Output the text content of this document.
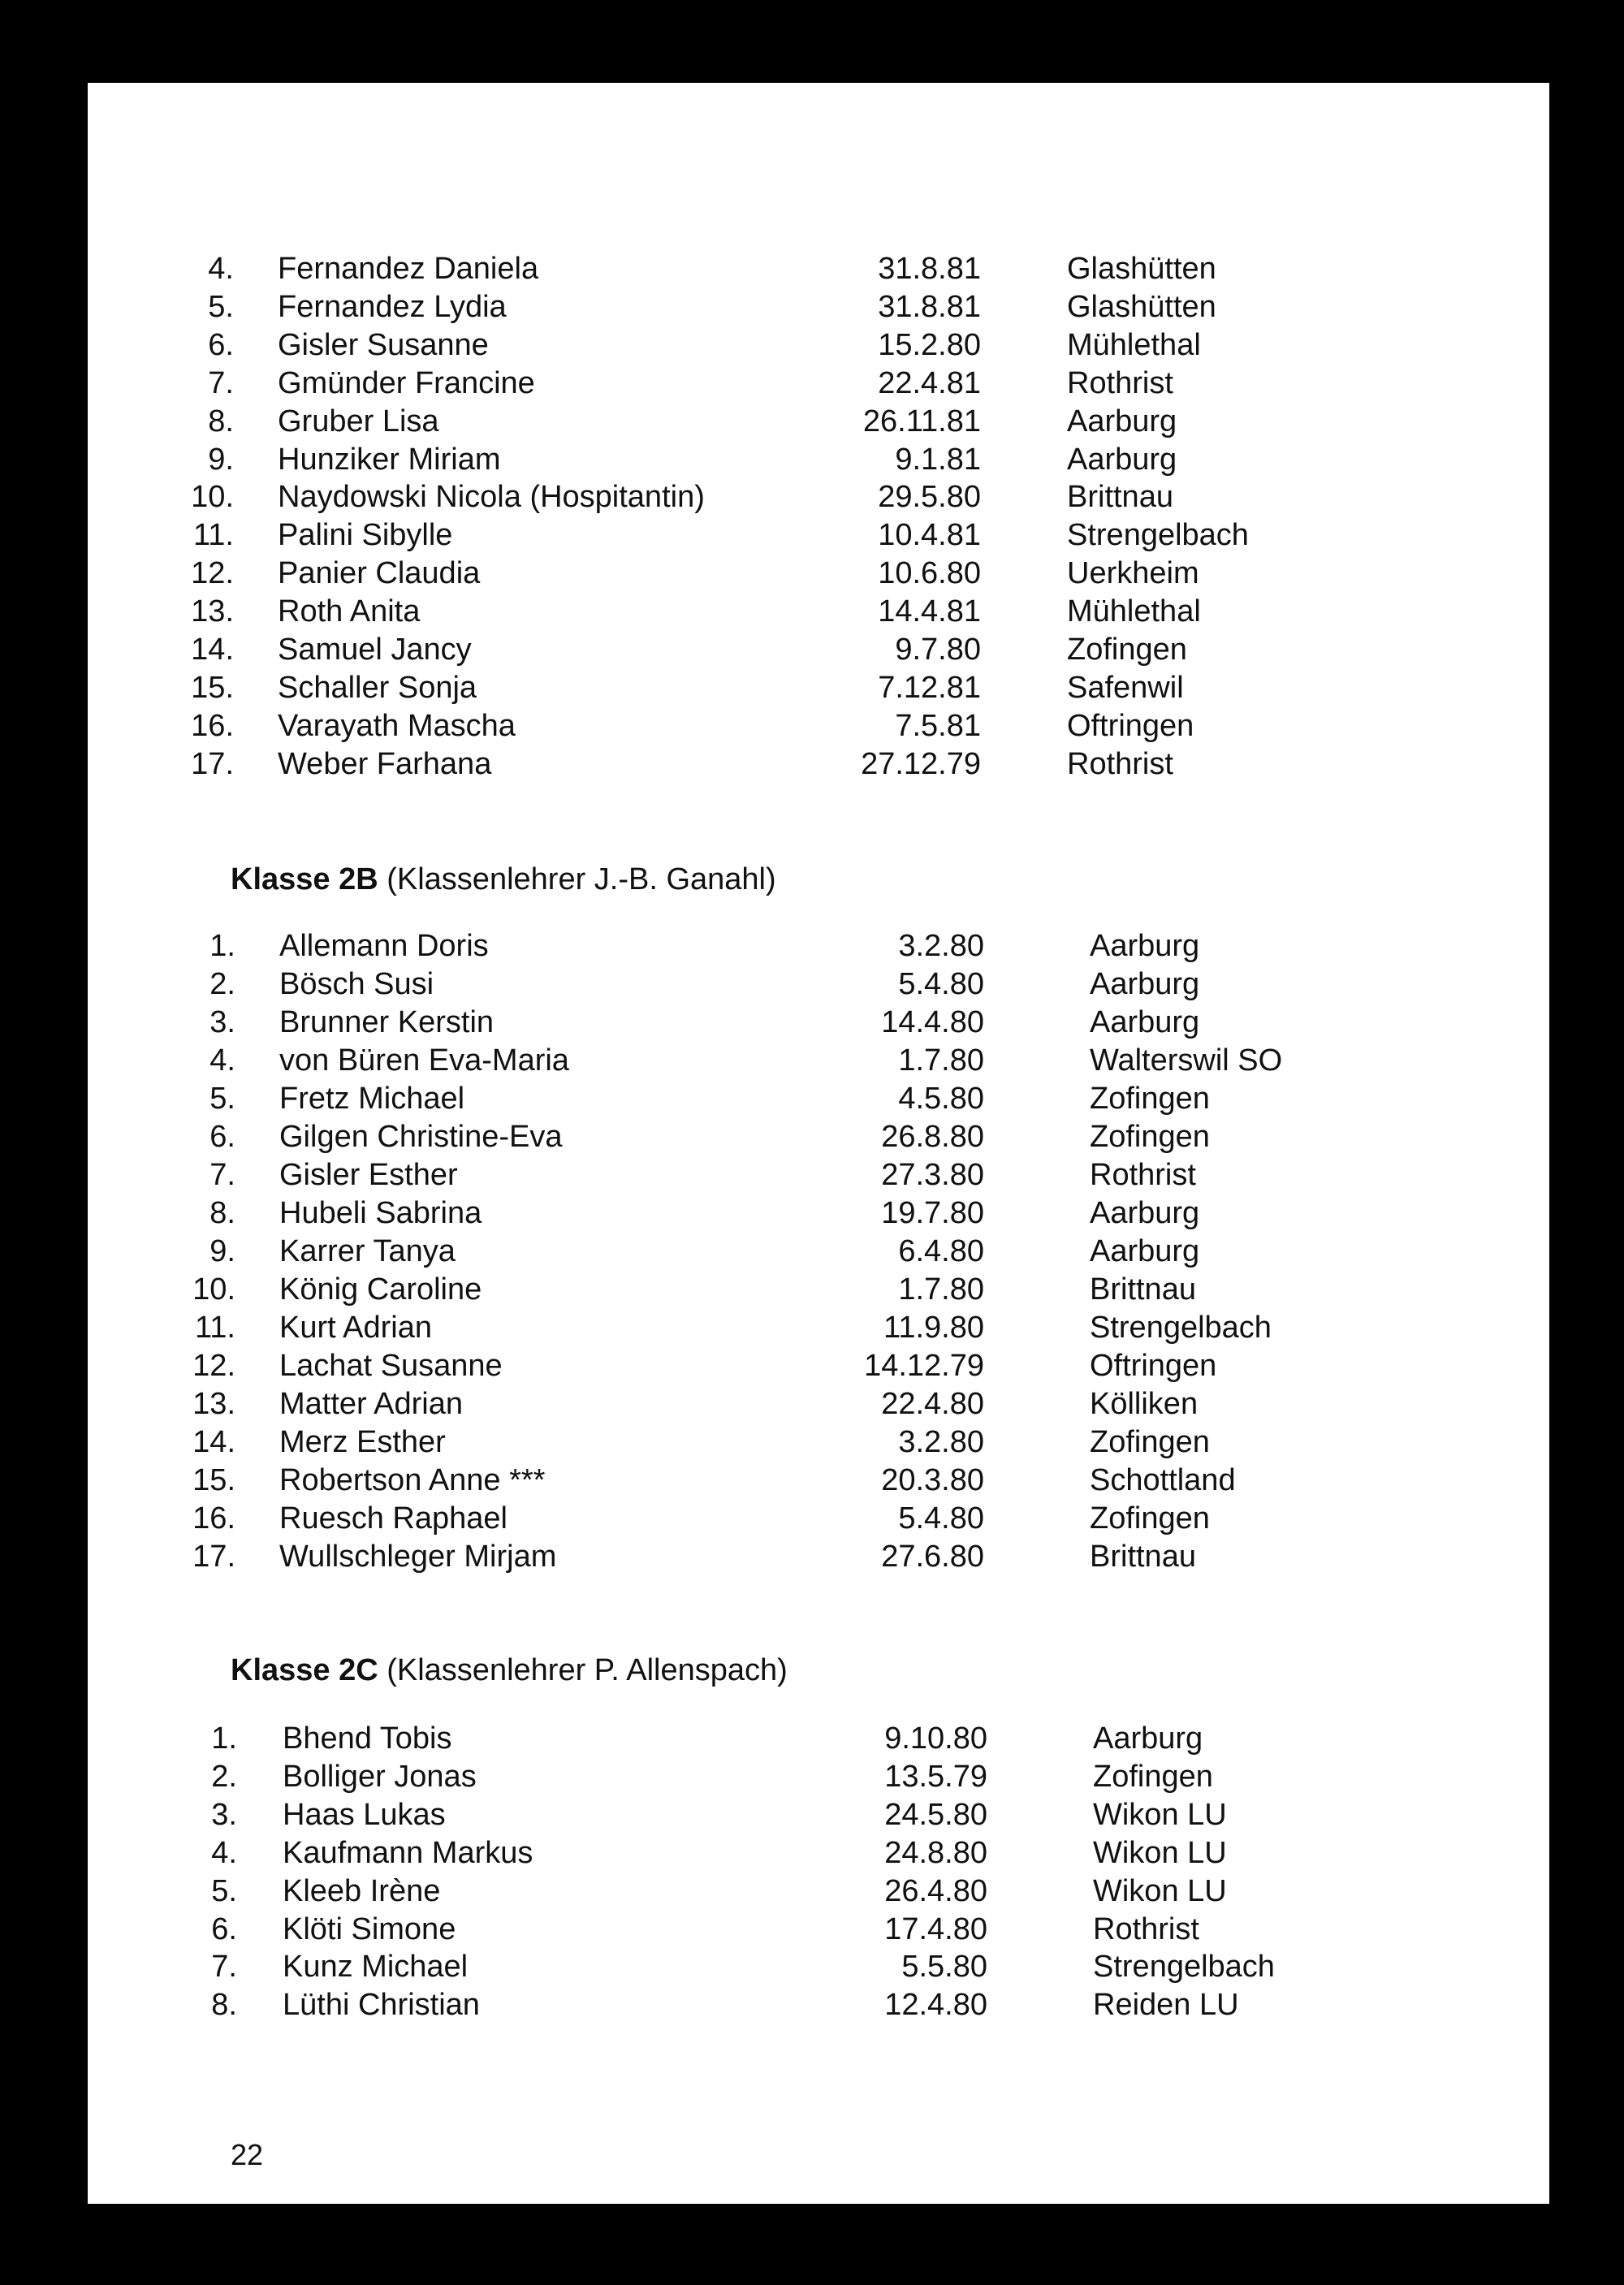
4. Fernandez Daniela	31.8.81	Glashütten
5. Fernandez Lydia	31.8.81	Glashütten
6. Gisler Susanne	15.2.80	Mühlethal
7. Gmünder Francine	22.4.81	Rothrist
8. Gruber Lisa	26.11.81	Aarburg
9. Hunziker Miriam	9.1.81	Aarburg
10. Naydowski Nicola (Hospitantin)	29.5.80	Brittnau
11. Palini Sibylle	10.4.81	Strengelbach
12. Panier Claudia	10.6.80	Uerkheim
13. Roth Anita	14.4.81	Mühlethal
14. Samuel Jancy	9.7.80	Zofingen
15. Schaller Sonja	7.12.81	Safenwil
16. Varayath Mascha	7.5.81	Oftringen
17. Weber Farhana	27.12.79	Rothrist
Klasse 2B (Klassenlehrer J.-B. Ganahl)
1. Allemann Doris	3.2.80	Aarburg
2. Bösch Susi	5.4.80	Aarburg
3. Brunner Kerstin	14.4.80	Aarburg
4. von Büren Eva-Maria	1.7.80	Walterswil SO
5. Fretz Michael	4.5.80	Zofingen
6. Gilgen Christine-Eva	26.8.80	Zofingen
7. Gisler Esther	27.3.80	Rothrist
8. Hubeli Sabrina	19.7.80	Aarburg
9. Karrer Tanya	6.4.80	Aarburg
10. König Caroline	1.7.80	Brittnau
11. Kurt Adrian	11.9.80	Strengelbach
12. Lachat Susanne	14.12.79	Oftringen
13. Matter Adrian	22.4.80	Kölliken
14. Merz Esther	3.2.80	Zofingen
15. Robertson Anne ***	20.3.80	Schottland
16. Ruesch Raphael	5.4.80	Zofingen
17. Wullschleger Mirjam	27.6.80	Brittnau
Klasse 2C (Klassenlehrer P. Allenspach)
1. Bhend Tobis	9.10.80	Aarburg
2. Bolliger Jonas	13.5.79	Zofingen
3. Haas Lukas	24.5.80	Wikon LU
4. Kaufmann Markus	24.8.80	Wikon LU
5. Kleeb Irène	26.4.80	Wikon LU
6. Klöti Simone	17.4.80	Rothrist
7. Kunz Michael	5.5.80	Strengelbach
8. Lüthi Christian	12.4.80	Reiden LU
22
